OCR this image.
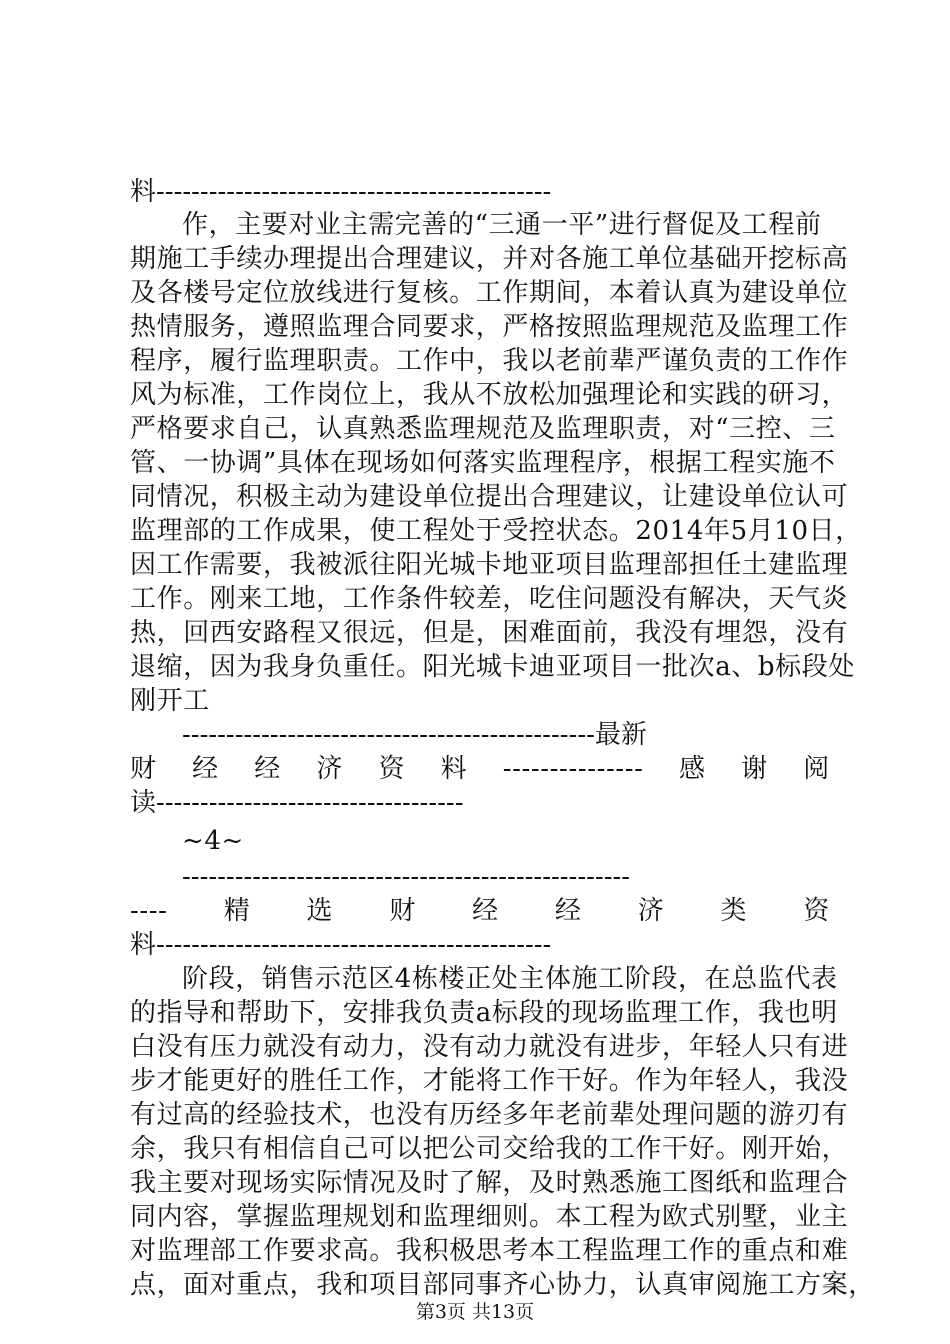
料---------------------------------------------
作，主要对业主需完善的“三通一平”进行督促及工程前
期施工手续办理提出合理建议，并对各施工单位基础开挖标高
及各楼号定位放线进行复核。工作期间，本着认真为建设单位
热情服务，遵照监理合同要求，严格按照监理规范及监理工作
程序，履行监理职责。工作中，我以老前辈严谨负责的工作作
风为标准，工作岗位上，我从不放松加强理论和实践的研习，
严格要求自己，认真熟悉监理规范及监理职责，对“三控、三
管、一协调”具体在现场如何落实监理程序，根据工程实施不
同情况，积极主动为建设单位提出合理建议，让建设单位认可
监理部的工作成果，使工程处于受控状态。2014年5月10日，
因工作需要，我被派往阳光城卡地亚项目监理部担任土建监理
工作。刚来工地，工作条件较差，吃住问题没有解决，天气炎
热，回西安路程又很远，但是，困难面前，我没有埋怨，没有
退缩，因为我身负重任。阳光城卡迪亚项目一批次a、b标段处
刚开工
-----------------------------------------------最新
财 经 经 济 资 料 --------------- 感 谢 阅
读-----------------------------------
~4~
---------------------------------------------------
---- 精 选 财 经 经 济 类 资
料---------------------------------------------
阶段，销售示范区4栋楼正处主体施工阶段，在总监代表
的指导和帮助下，安排我负责a标段的现场监理工作，我也明
白没有压力就没有动力，没有动力就没有进步，年轻人只有进
步才能更好的胜任工作，才能将工作干好。作为年轻人，我没
有过高的经验技术，也没有历经多年老前辈处理问题的游刃有
余，我只有相信自己可以把公司交给我的工作干好。刚开始，
我主要对现场实际情况及时了解，及时熟悉施工图纸和监理合
同内容，掌握监理规划和监理细则。本工程为欧式别墅，业主
对监理部工作要求高。我积极思考本工程监理工作的重点和难
点，面对重点，我和项目部同事齐心协力，认真审阅施工方案，
第3页 共13页
